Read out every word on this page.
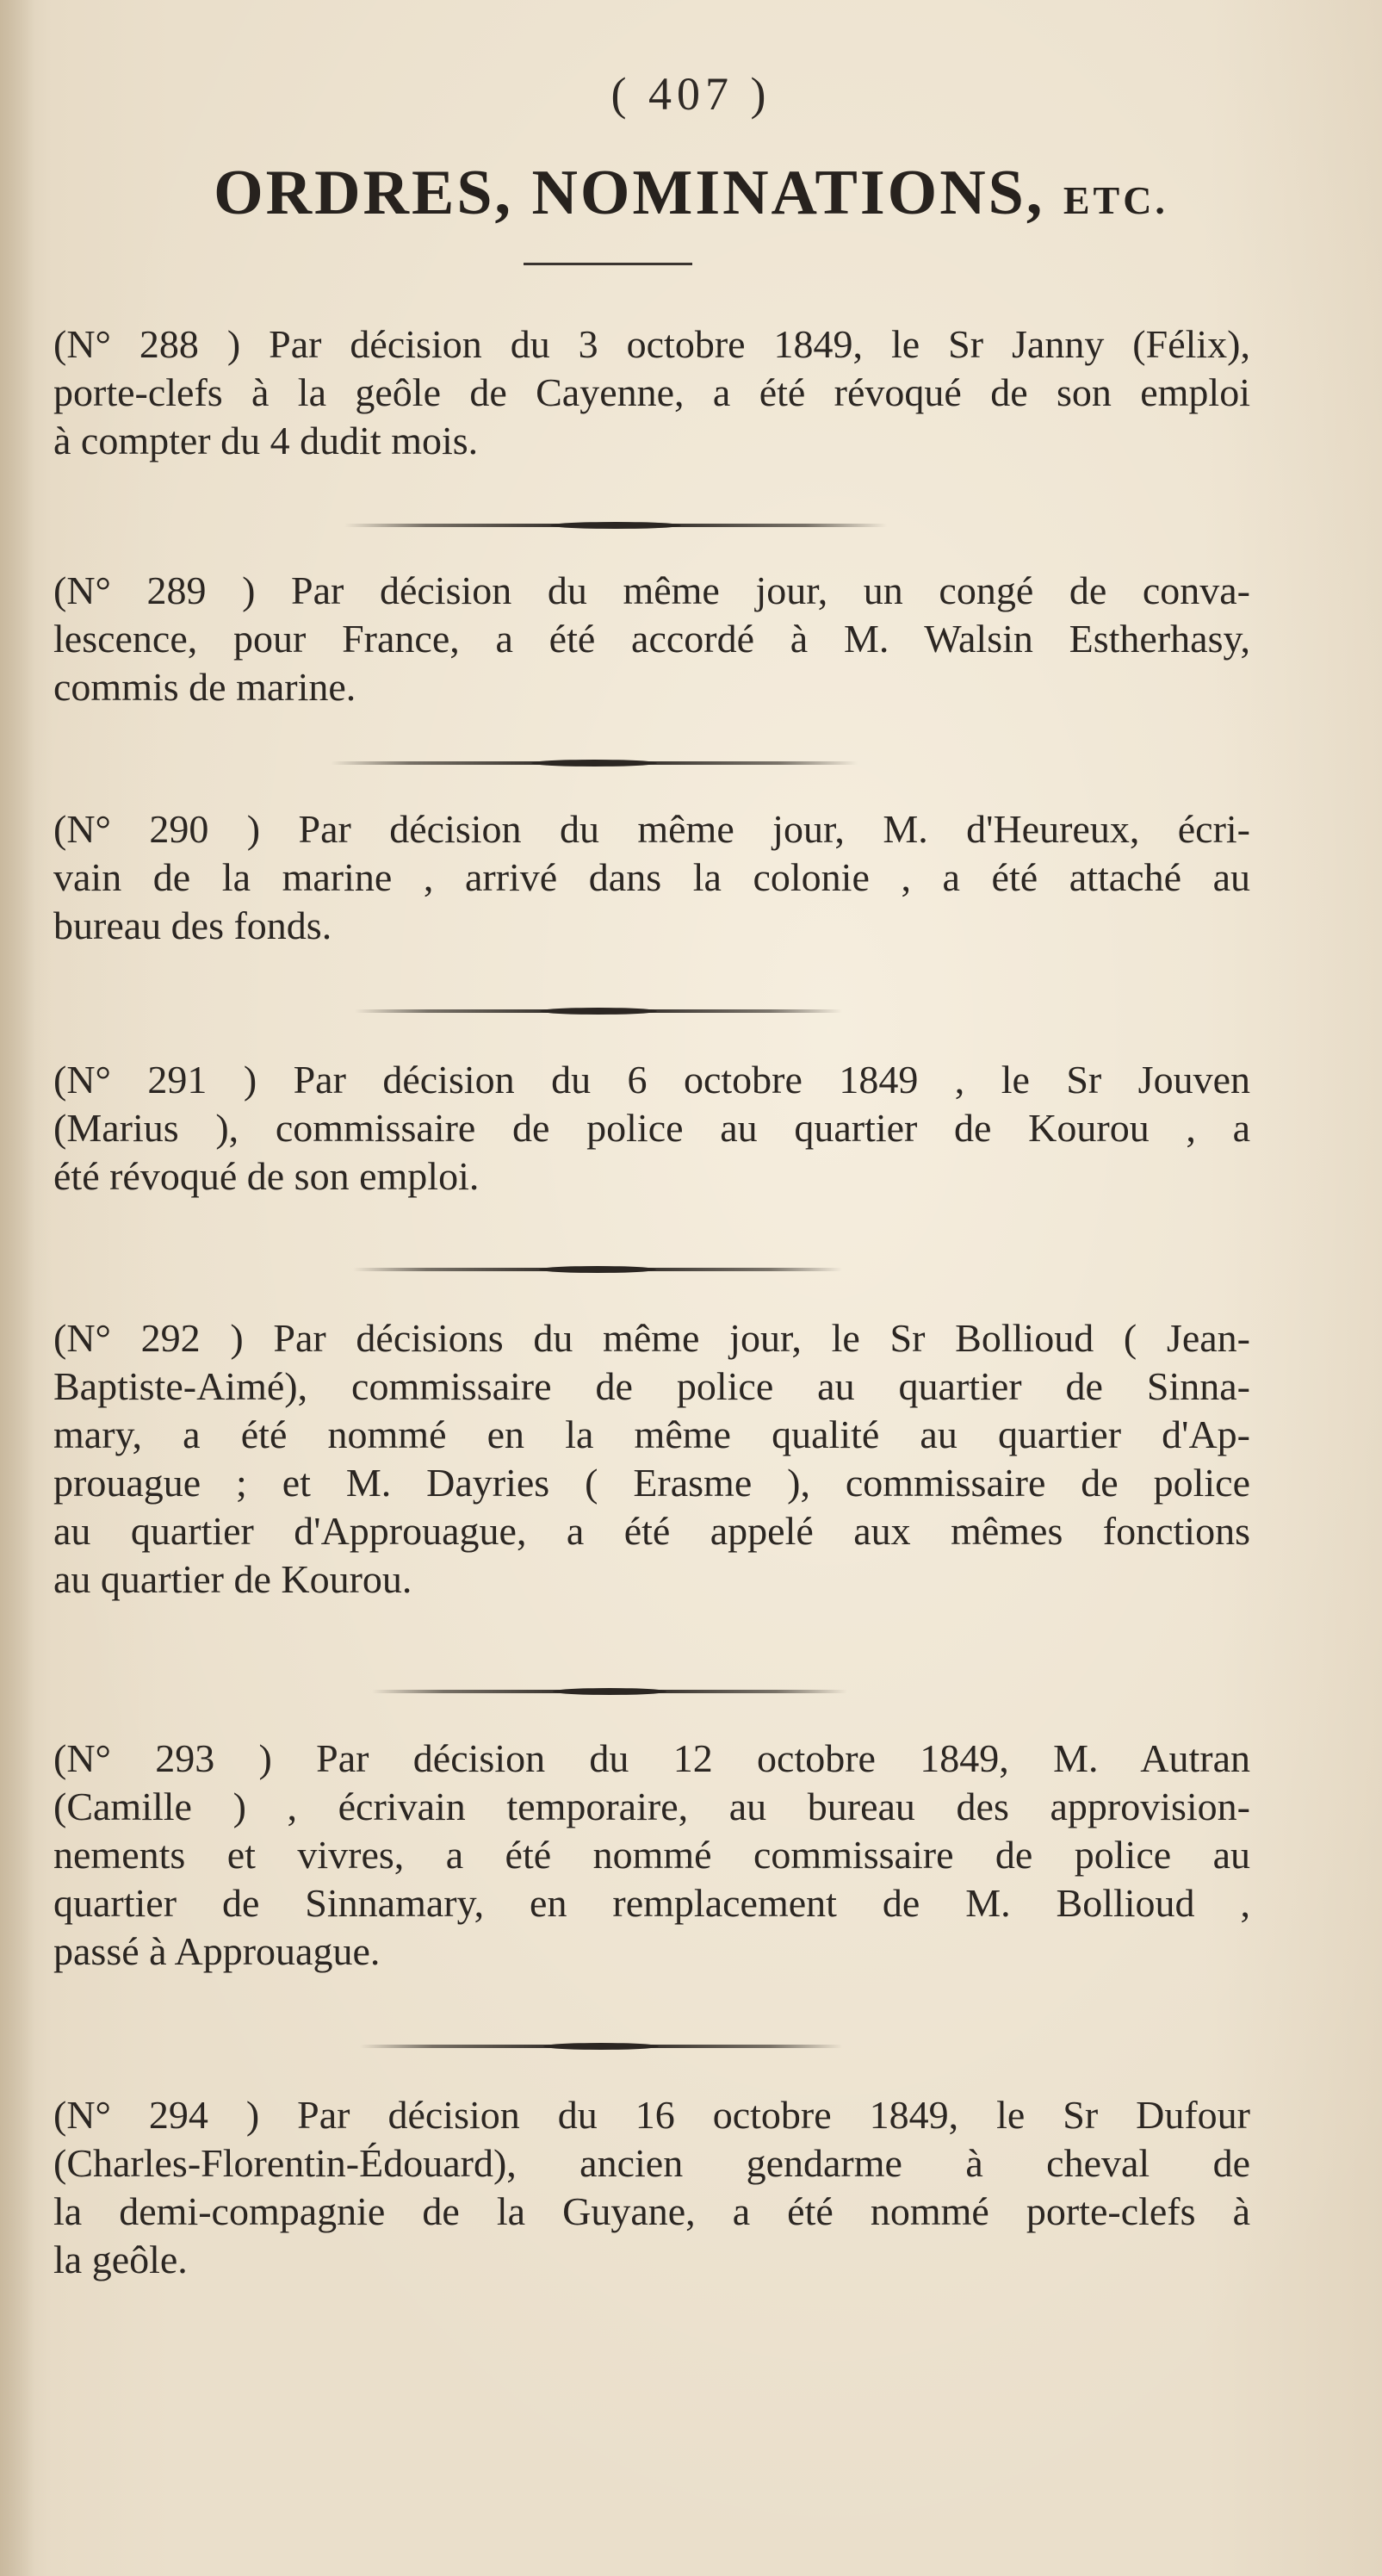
( 407 )
ORDRES, NOMINATIONS, ETC.
(N° 288 ) Par décision du 3 octobre 1849, le Sr Janny (Félix),
porte-clefs à la geôle de Cayenne, a été révoqué de son emploi
à compter du 4 dudit mois.
(N° 289 ) Par décision du même jour, un congé de conva-
lescence, pour France, a été accordé à M. Walsin Estherhasy,
commis de marine.
(N° 290 ) Par décision du même jour, M. d'Heureux, écri-
vain de la marine , arrivé dans la colonie , a été attaché au
bureau des fonds.
(N° 291 ) Par décision du 6 octobre 1849 , le Sr Jouven
(Marius ), commissaire de police au quartier de Kourou , a
été révoqué de son emploi.
(N° 292 ) Par décisions du même jour, le Sr Bollioud ( Jean-
Baptiste-Aimé), commissaire de police au quartier de Sinna-
mary, a été nommé en la même qualité au quartier d'Ap-
prouague ; et M. Dayries ( Erasme ), commissaire de police
au quartier d'Approuague, a été appelé aux mêmes fonctions
au quartier de Kourou.
(N° 293 ) Par décision du 12 octobre 1849, M. Autran
(Camille ) , écrivain temporaire, au bureau des approvision-
nements et vivres, a été nommé commissaire de police au
quartier de Sinnamary, en remplacement de M. Bollioud ,
passé à Approuague.
(N° 294 ) Par décision du 16 octobre 1849, le Sr Dufour
(Charles-Florentin-Édouard), ancien gendarme à cheval de
la demi-compagnie de la Guyane, a été nommé porte-clefs à
la geôle.
